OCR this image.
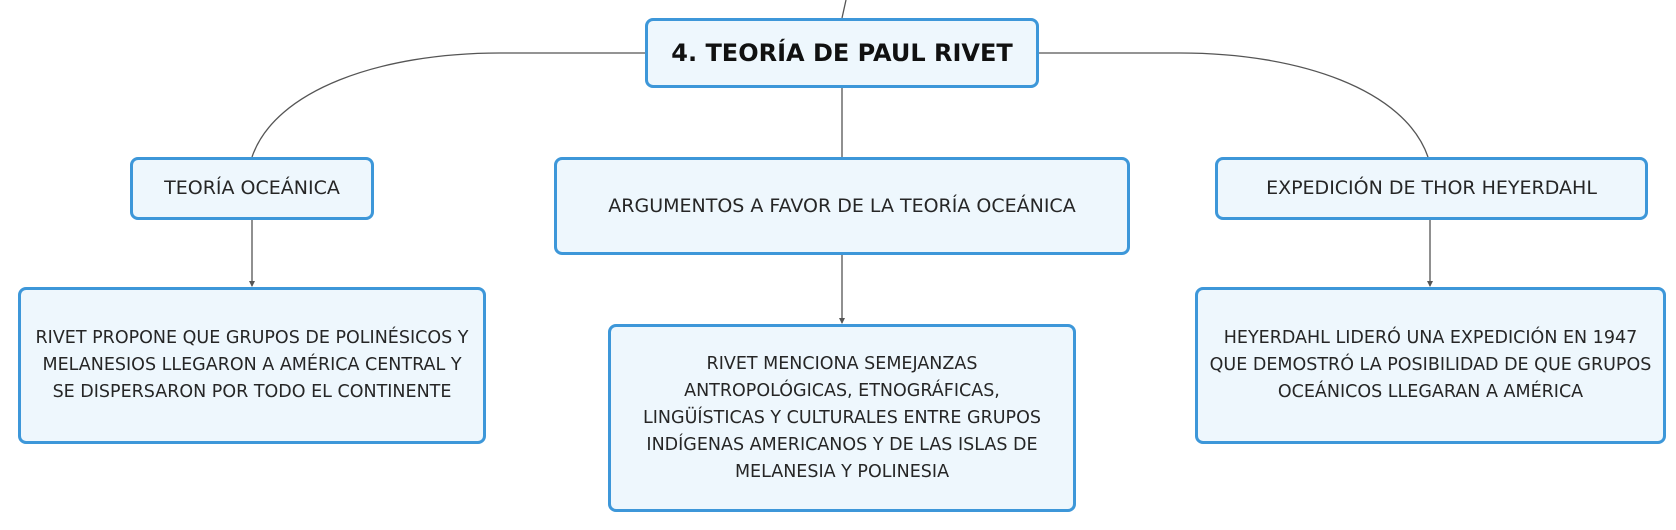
4. TEORÍA DE PAUL RIVET
TEORÍA OCEÁNICA
ARGUMENTOS A FAVOR DE LA TEORÍA OCEÁNICA
EXPEDICIÓN DE THOR HEYERDAHL
RIVET PROPONE QUE GRUPOS DE POLINÉSICOS Y MELANESIOS LLEGARON A AMÉRICA CENTRAL Y SE DISPERSARON POR TODO EL CONTINENTE
RIVET MENCIONA SEMEJANZAS ANTROPOLÓGICAS, ETNOGRÁFICAS, LINGÜÍSTICAS Y CULTURALES ENTRE GRUPOS INDÍGENAS AMERICANOS Y DE LAS ISLAS DE MELANESIA Y POLINESIA
HEYERDAHL LIDERÓ UNA EXPEDICIÓN EN 1947 QUE DEMOSTRÓ LA POSIBILIDAD DE QUE GRUPOS OCEÁNICOS LLEGARAN A AMÉRICA
